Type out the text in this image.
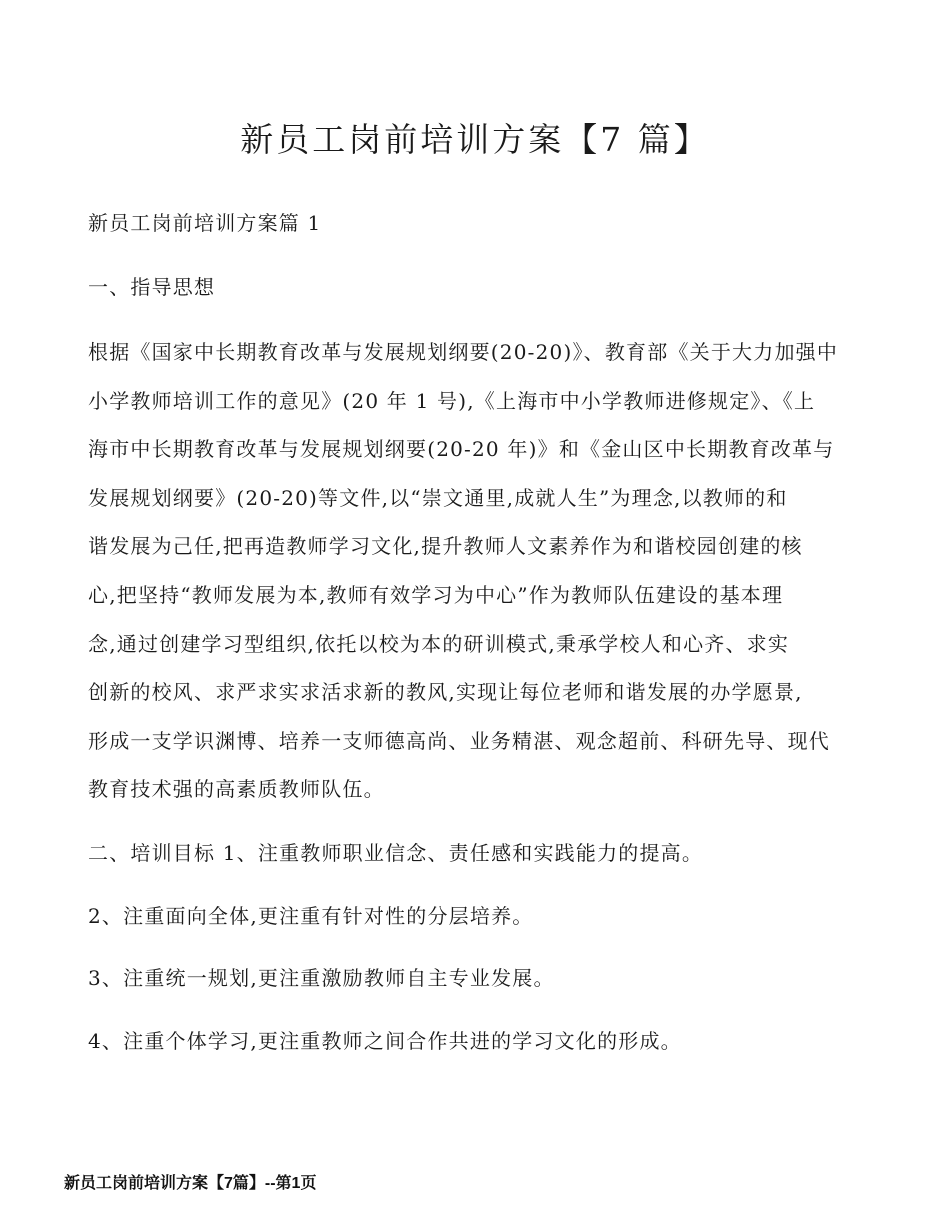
新员工岗前培训方案【7 篇】
新员工岗前培训方案篇 1
一、指导思想
根据《国家中长期教育改革与发展规划纲要(20-20)》、教育部《关于大力加强中
小学教师培训工作的意见》(20 年 1 号),《上海市中小学教师进修规定》、《上
海市中长期教育改革与发展规划纲要(20-20 年)》和《金山区中长期教育改革与
发展规划纲要》(20-20)等文件,以“崇文通里,成就人生”为理念,以教师的和
谐发展为己任,把再造教师学习文化,提升教师人文素养作为和谐校园创建的核
心,把坚持“教师发展为本,教师有效学习为中心”作为教师队伍建设的基本理
念,通过创建学习型组织,依托以校为本的研训模式,秉承学校人和心齐、求实
创新的校风、求严求实求活求新的教风,实现让每位老师和谐发展的办学愿景,
形成一支学识渊博、培养一支师德高尚、业务精湛、观念超前、科研先导、现代
教育技术强的高素质教师队伍。
二、培训目标 1、注重教师职业信念、责任感和实践能力的提高。
2、注重面向全体,更注重有针对性的分层培养。
3、注重统一规划,更注重激励教师自主专业发展。
4、注重个体学习,更注重教师之间合作共进的学习文化的形成。
新员工岗前培训方案【7篇】--第1页
